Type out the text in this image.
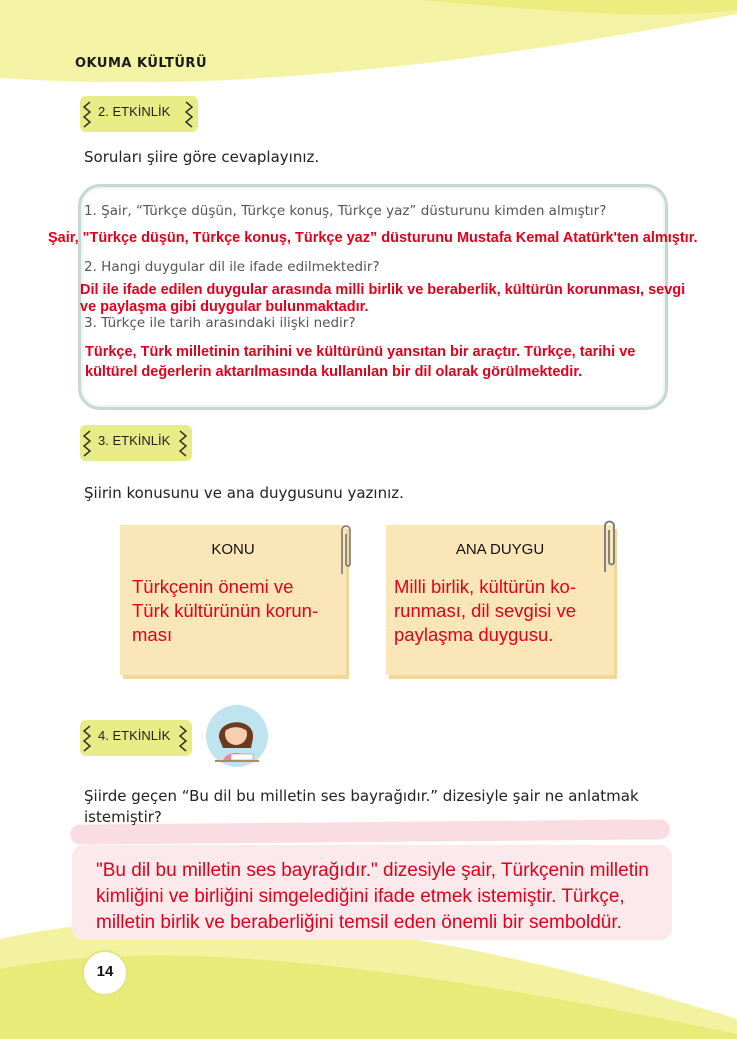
OKUMA KÜLTÜRÜ
2. ETKİNLİK
Soruları şiire göre cevaplayınız.
1. Şair, “Türkçe düşün, Türkçe konuş, Türkçe yaz” düsturunu kimden almıştır?
Şair, "Türkçe düşün, Türkçe konuş, Türkçe yaz” düsturunu Mustafa Kemal Atatürk'ten almıştır.
2. Hangi duygular dil ile ifade edilmektedir?
Dil ile ifade edilen duygular arasında milli birlik ve beraberlik, kültürün korunması, sevgi
ve paylaşma gibi duygular bulunmaktadır.
3. Türkçe ile tarih arasındaki ilişki nedir?
Türkçe, Türk milletinin tarihini ve kültürünü yansıtan bir araçtır. Türkçe, tarihi ve
kültürel değerlerin aktarılmasında kullanılan bir dil olarak görülmektedir.
3. ETKİNLİK
Şiirin konusunu ve ana duygusunu yazınız.
KONU
Türkçenin önemi ve
Türk kültürünün korun-
ması
ANA DUYGU
Milli birlik, kültürün ko-
runması, dil sevgisi ve
paylaşma duygusu.
4. ETKİNLİK
Şiirde geçen “Bu dil bu milletin ses bayrağıdır.” dizesiyle şair ne anlatmak
istemiştir?
"Bu dil bu milletin ses bayrağıdır." dizesiyle şair, Türkçenin milletin
kimliğini ve birliğini simgelediğini ifade etmek istemiştir. Türkçe,
milletin birlik ve beraberliğini temsil eden önemli bir semboldür.
14
